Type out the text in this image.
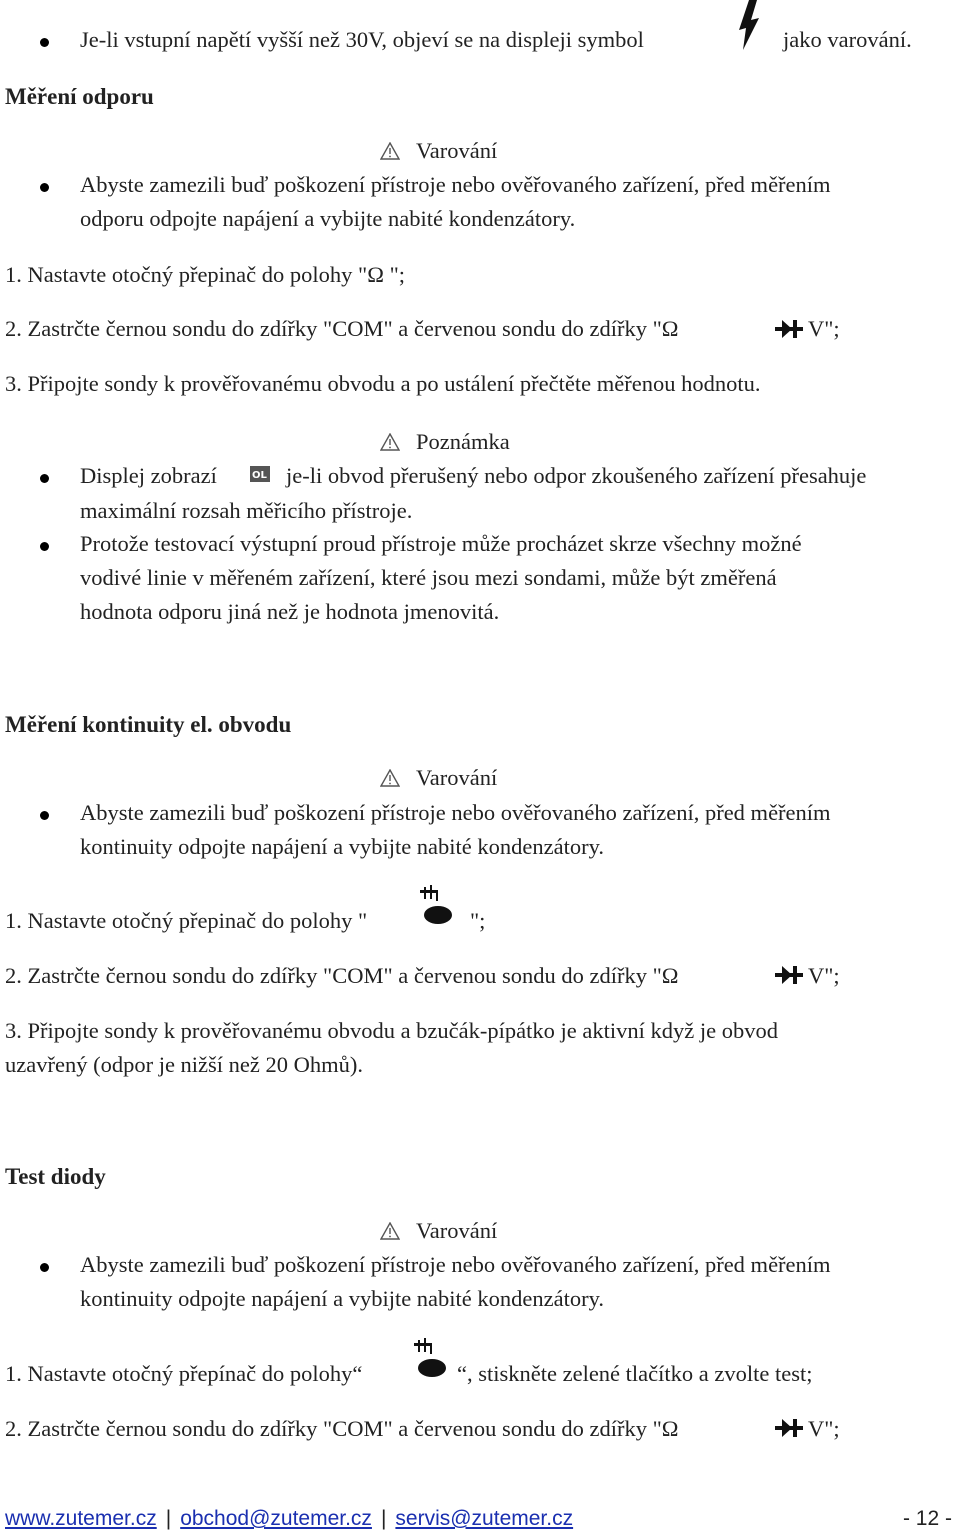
Je-li vstupní napětí vyšší než 30V, objeví se na displeji symbol	jako varování.
Měření odporu
Varování
Abyste zamezili buď poškození přístroje nebo ověřovaného zařízení, před měřením
odporu odpojte napájení a vybijte nabité kondenzátory.
1. Nastavte otočný přepinač do polohy "Ω ";
2. Zastrčte černou sondu do zdířky "COM" a červenou sondu do zdířky "Ω	V";
3. Připojte sondy k prověřovanému obvodu a po ustálení přečtěte měřenou hodnotu.
Poznámka
Displej zobrazí	OL je-li obvod přerušený nebo odpor zkoušeného zařízení přesahuje
maximální rozsah měřicího přístroje.
Protože testovací výstupní proud přístroje může procházet skrze všechny možné
vodivé linie v měřeném zařízení, které jsou mezi sondami, může být změřená
hodnota odporu jiná než je hodnota jmenovitá.
Měření kontinuity el. obvodu
Varování
Abyste zamezili buď poškození přístroje nebo ověřovaného zařízení, před měřením
kontinuity odpojte napájení a vybijte nabité kondenzátory.
1. Nastavte otočný přepinač do polohy "	";
2. Zastrčte černou sondu do zdířky "COM" a červenou sondu do zdířky "Ω	V";
3. Připojte sondy k prověřovanému obvodu a bzučák-pípátko je aktivní když je obvod
uzavřený (odpor je nižší než 20 Ohmů).
Test diody
Varování
Abyste zamezili buď poškození přístroje nebo ověřovaného zařízení, před měřením
kontinuity odpojte napájení a vybijte nabité kondenzátory.
1. Nastavte otočný přepínač do polohy“	“, stiskněte zelené tlačítko a zvolte test;
2. Zastrčte černou sondu do zdířky "COM" a červenou sondu do zdířky "Ω	V";
www.zutemer.cz | obchod@zutemer.cz | servis@zutemer.cz	- 12 -
